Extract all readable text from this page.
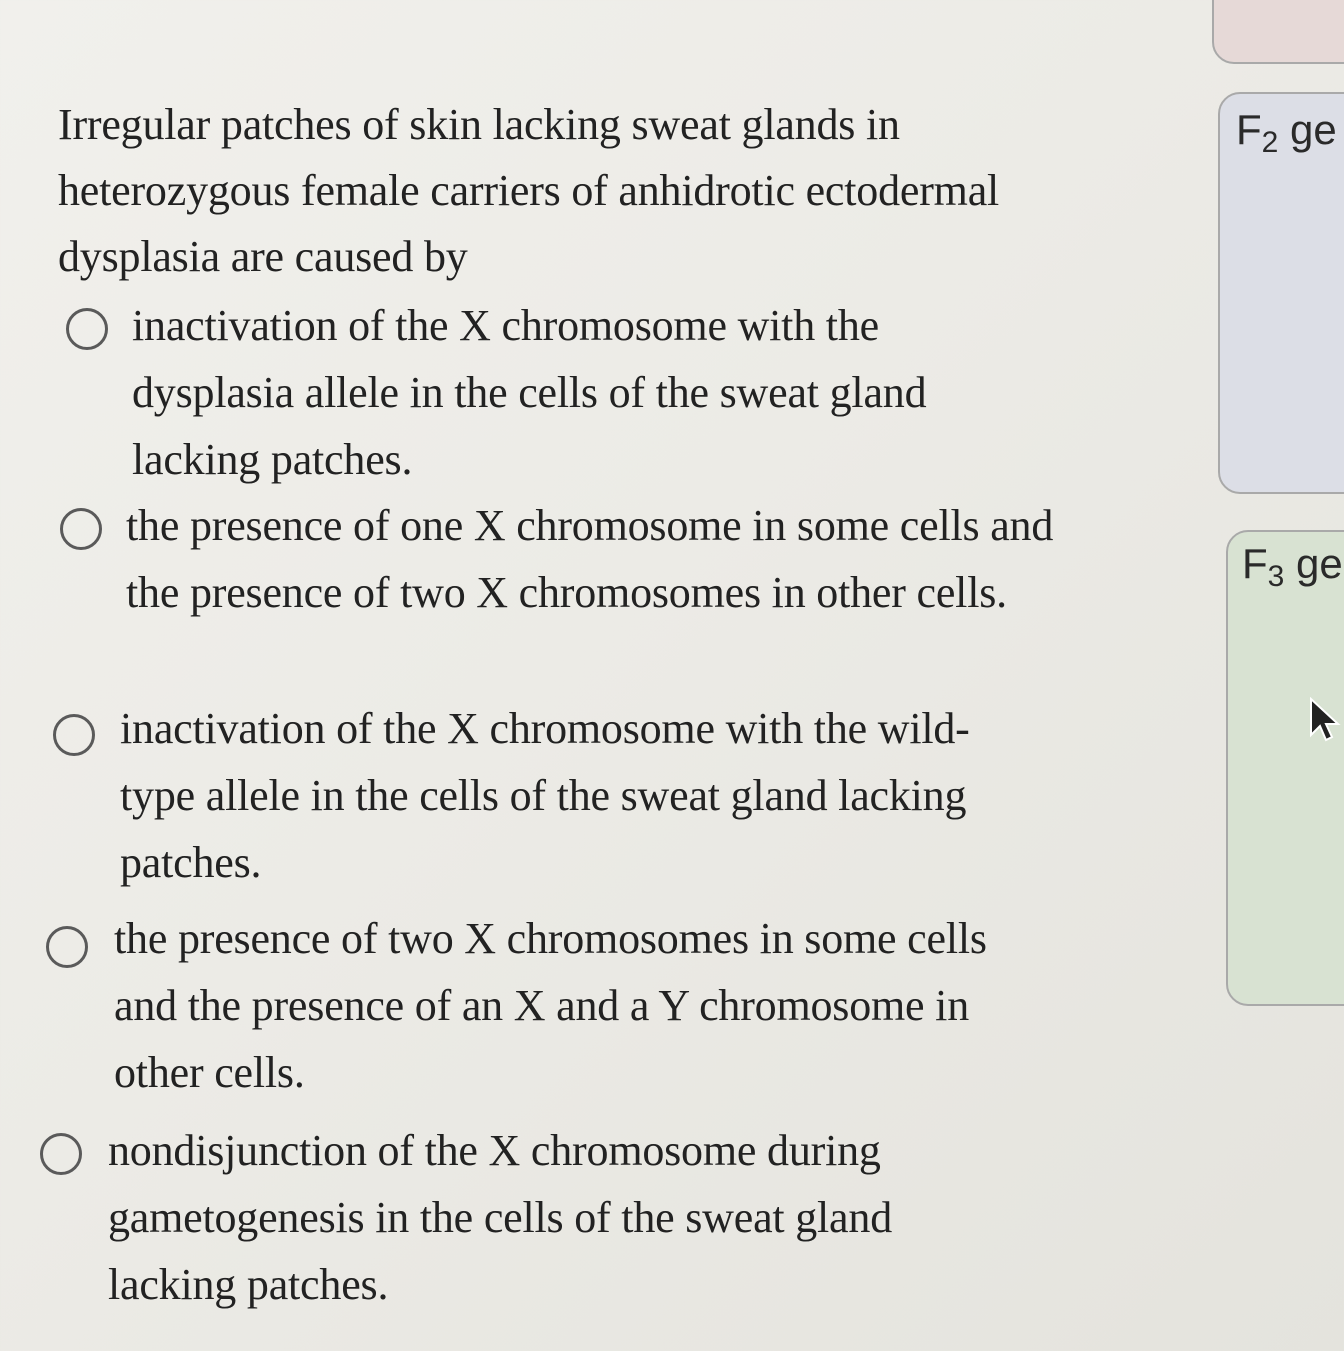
Irregular patches of skin lacking sweat glands in heterozygous female carriers of anhidrotic ectodermal dysplasia are caused by
inactivation of the X chromosome with the dysplasia allele in the cells of the sweat gland lacking patches.
the presence of one X chromosome in some cells and the presence of two X chromosomes in other cells.
inactivation of the X chromosome with the wild-type allele in the cells of the sweat gland lacking patches.
the presence of two X chromosomes in some cells and the presence of an X and a Y chromosome in other cells.
nondisjunction of the X chromosome during gametogenesis in the cells of the sweat gland lacking patches.
$F_2$ ge
$F_3$ ge
